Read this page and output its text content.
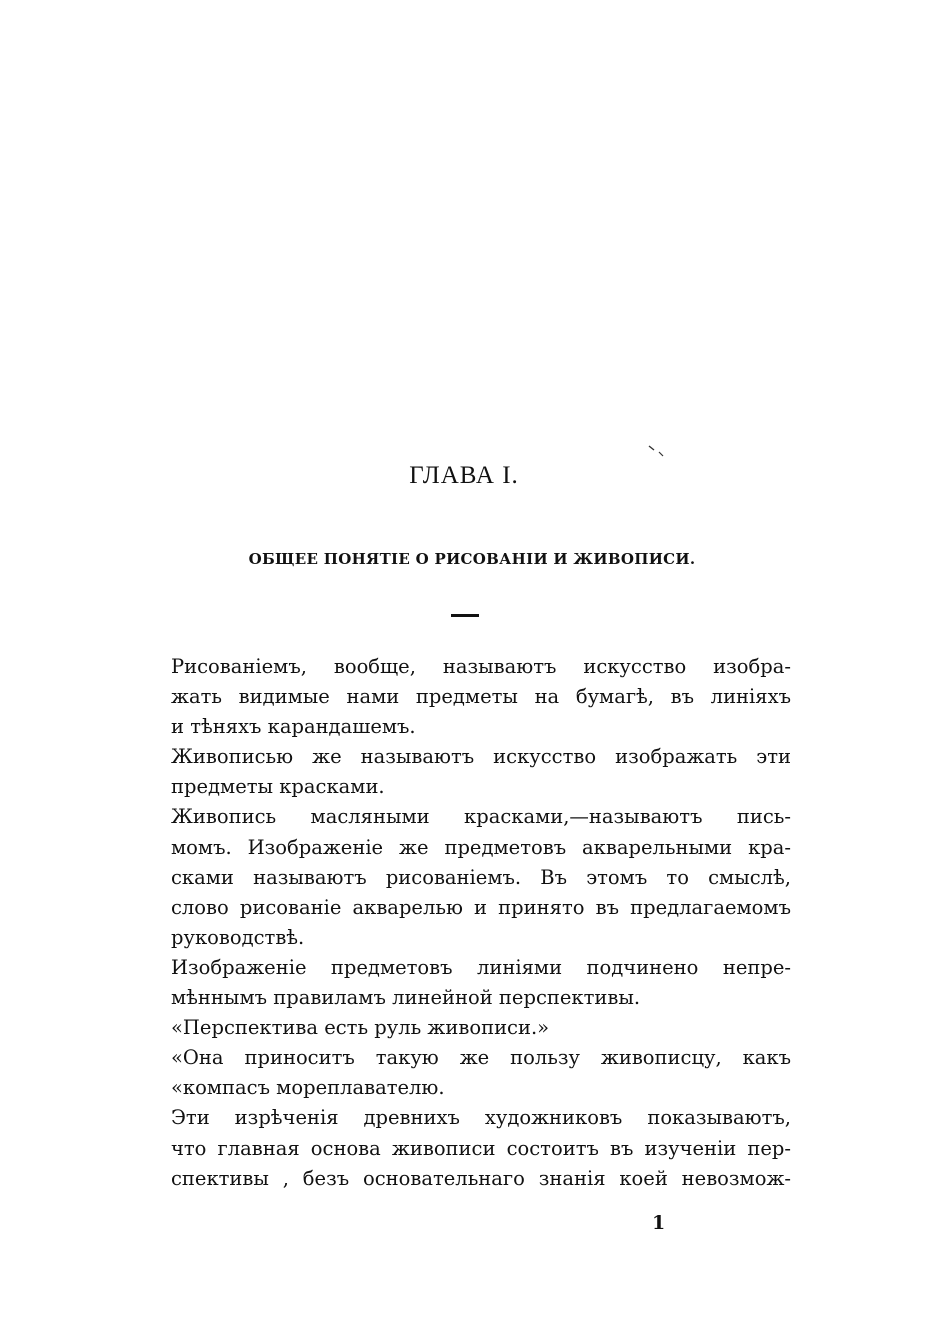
ГЛАВА I.
ОБЩЕЕ ПОНЯТІЕ О РИСОВАНІИ И ЖИВОПИСИ.
Рисованіемъ, вообще, называютъ искусство изобра-
жать видимые нами предметы на бумагѣ, въ линіяхъ
и тѣняхъ карандашемъ.
Живописью же называютъ искусство изображать эти
предметы красками.
Живопись масляными красками,—называютъ пись-
момъ. Изображеніе же предметовъ акварельными кра-
сками называютъ рисованіемъ. Въ этомъ то смыслѣ,
слово рисованіе акварелью и принято въ предлагаемомъ
руководствѣ.
Изображеніе предметовъ линіями подчинено непре-
мѣннымъ правиламъ линейной перспективы.
«Перспектива есть руль живописи.»
«Она приноситъ такую же пользу живописцу, какъ
«компасъ мореплавателю.
Эти изрѣченія древнихъ художниковъ показываютъ,
что главная основа живописи состоитъ въ изученіи пер-
спективы , безъ основательнаго знанія коей невозмож-
1
